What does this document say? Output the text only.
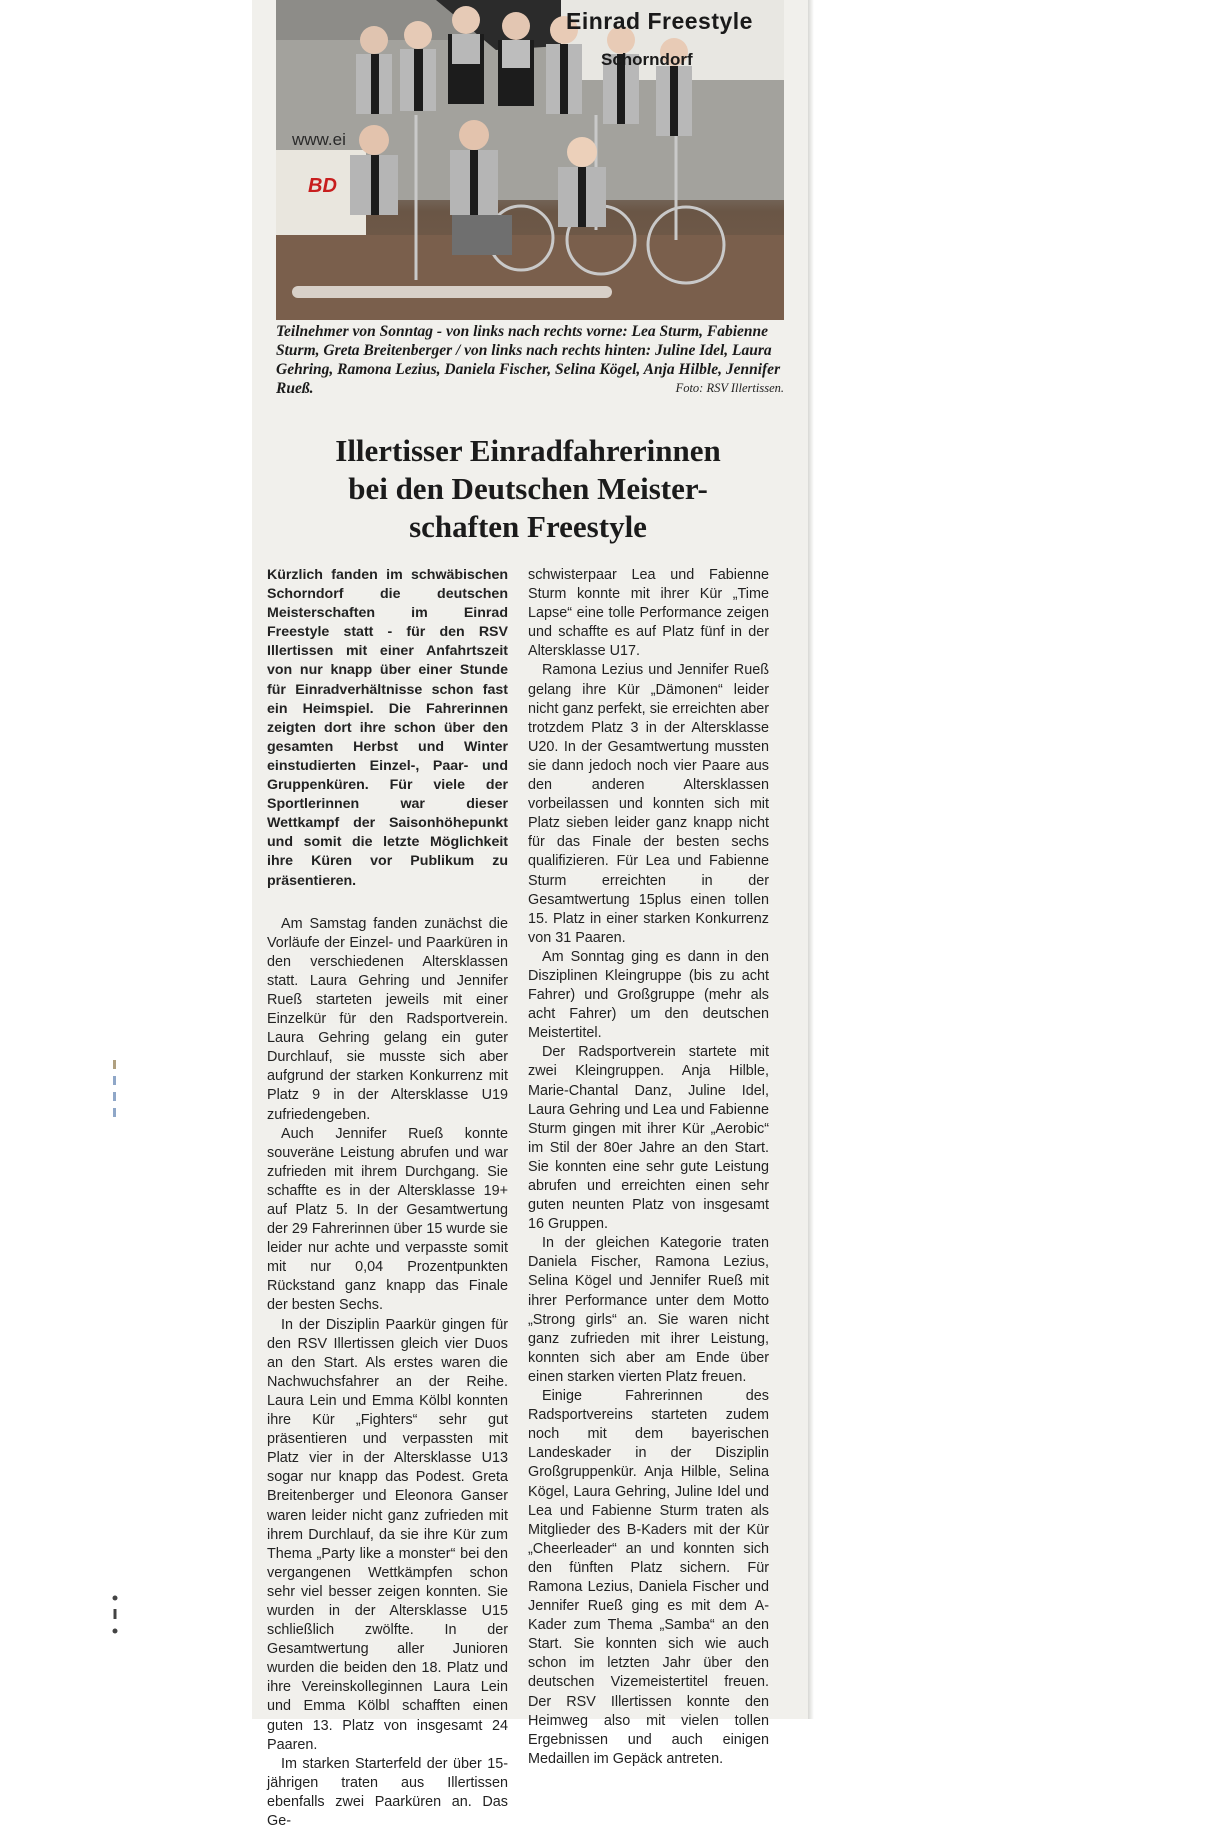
Einrad Freestyle
Schorndorf
www.ei
BD
Teilnehmer von Sonntag - von links nach rechts vorne: Lea Sturm, Fabienne Sturm, Greta Breitenberger / von links nach rechts hinten: Juline Idel, Laura Gehring, Ramona Lezius, Daniela Fischer, Selina Kögel, Anja Hilble, Jennifer Rueß.	Foto: RSV Illertissen.
Illertisser Einradfahrerinnen
bei den Deutschen Meister-
schaften Freestyle

Kürzlich fanden im schwäbischen Schorndorf die deutschen Meisterschaften im Einrad Freestyle statt - für den RSV Illertissen mit einer Anfahrtszeit von nur knapp über einer Stunde für Einradverhältnisse schon fast ein Heimspiel. Die Fahrerinnen zeigten dort ihre schon über den gesamten Herbst und Winter einstudierten Einzel-, Paar- und Gruppenküren. Für viele der Sportlerinnen war dieser Wettkampf der Saisonhöhepunkt und somit die letzte Möglichkeit ihre Küren vor Publikum zu präsentieren.

Am Samstag fanden zunächst die Vorläufe der Einzel- und Paarküren in den verschiedenen Altersklassen statt. Laura Gehring und Jennifer Rueß starteten jeweils mit einer Einzelkür für den Radsportverein. Laura Gehring gelang ein guter Durchlauf, sie musste sich aber aufgrund der starken Konkurrenz mit Platz 9 in der Altersklasse U19 zufriedengeben.

Auch Jennifer Rueß konnte souveräne Leistung abrufen und war zufrieden mit ihrem Durchgang. Sie schaffte es in der Altersklasse 19+ auf Platz 5. In der Gesamtwertung der 29 Fahrerinnen über 15 wurde sie leider nur achte und verpasste somit mit nur 0,04 Prozentpunkten Rückstand ganz knapp das Finale der besten Sechs.

In der Disziplin Paarkür gingen für den RSV Illertissen gleich vier Duos an den Start. Als erstes waren die Nachwuchsfahrer an der Reihe. Laura Lein und Emma Kölbl konnten ihre Kür „Fighters“ sehr gut präsentieren und verpassten mit Platz vier in der Altersklasse U13 sogar nur knapp das Podest. Greta Breitenberger und Eleonora Ganser waren leider nicht ganz zufrieden mit ihrem Durchlauf, da sie ihre Kür zum Thema „Party like a monster“ bei den vergangenen Wettkämpfen schon sehr viel besser zeigen konnten. Sie wurden in der Altersklasse U15 schließlich zwölfte. In der Gesamtwertung aller Junioren wurden die beiden den 18. Platz und ihre Vereinskolleginnen Laura Lein und Emma Kölbl schafften einen guten 13. Platz von insgesamt 24 Paaren.

Im starken Starterfeld der über 15-jährigen traten aus Illertissen ebenfalls zwei Paarküren an. Das Ge-

schwisterpaar Lea und Fabienne Sturm konnte mit ihrer Kür „Time Lapse“ eine tolle Performance zeigen und schaffte es auf Platz fünf in der Altersklasse U17.

Ramona Lezius und Jennifer Rueß gelang ihre Kür „Dämonen“ leider nicht ganz perfekt, sie erreichten aber trotzdem Platz 3 in der Altersklasse U20. In der Gesamtwertung mussten sie dann jedoch noch vier Paare aus den anderen Altersklassen vorbeilassen und konnten sich mit Platz sieben leider ganz knapp nicht für das Finale der besten sechs qualifizieren. Für Lea und Fabienne Sturm erreichten in der Gesamtwertung 15plus einen tollen 15. Platz in einer starken Konkurrenz von 31 Paaren.

Am Sonntag ging es dann in den Disziplinen Kleingruppe (bis zu acht Fahrer) und Großgruppe (mehr als acht Fahrer) um den deutschen Meistertitel.

Der Radsportverein startete mit zwei Kleingruppen. Anja Hilble, Marie-Chantal Danz, Juline Idel, Laura Gehring und Lea und Fabienne Sturm gingen mit ihrer Kür „Aerobic“ im Stil der 80er Jahre an den Start. Sie konnten eine sehr gute Leistung abrufen und erreichten einen sehr guten neunten Platz von insgesamt 16 Gruppen.

In der gleichen Kategorie traten Daniela Fischer, Ramona Lezius, Selina Kögel und Jennifer Rueß mit ihrer Performance unter dem Motto „Strong girls“ an. Sie waren nicht ganz zufrieden mit ihrer Leistung, konnten sich aber am Ende über einen starken vierten Platz freuen.

Einige Fahrerinnen des Radsportvereins starteten zudem noch mit dem bayerischen Landeskader in der Disziplin Großgruppenkür. Anja Hilble, Selina Kögel, Laura Gehring, Juline Idel und Lea und Fabienne Sturm traten als Mitglieder des B-Kaders mit der Kür „Cheerleader“ an und konnten sich den fünften Platz sichern. Für Ramona Lezius, Daniela Fischer und Jennifer Rueß ging es mit dem A-Kader zum Thema „Samba“ an den Start. Sie konnten sich wie auch schon im letzten Jahr über den deutschen Vizemeistertitel freuen. Der RSV Illertissen konnte den Heimweg also mit vielen tollen Ergebnissen und auch einigen Medaillen im Gepäck antreten.
